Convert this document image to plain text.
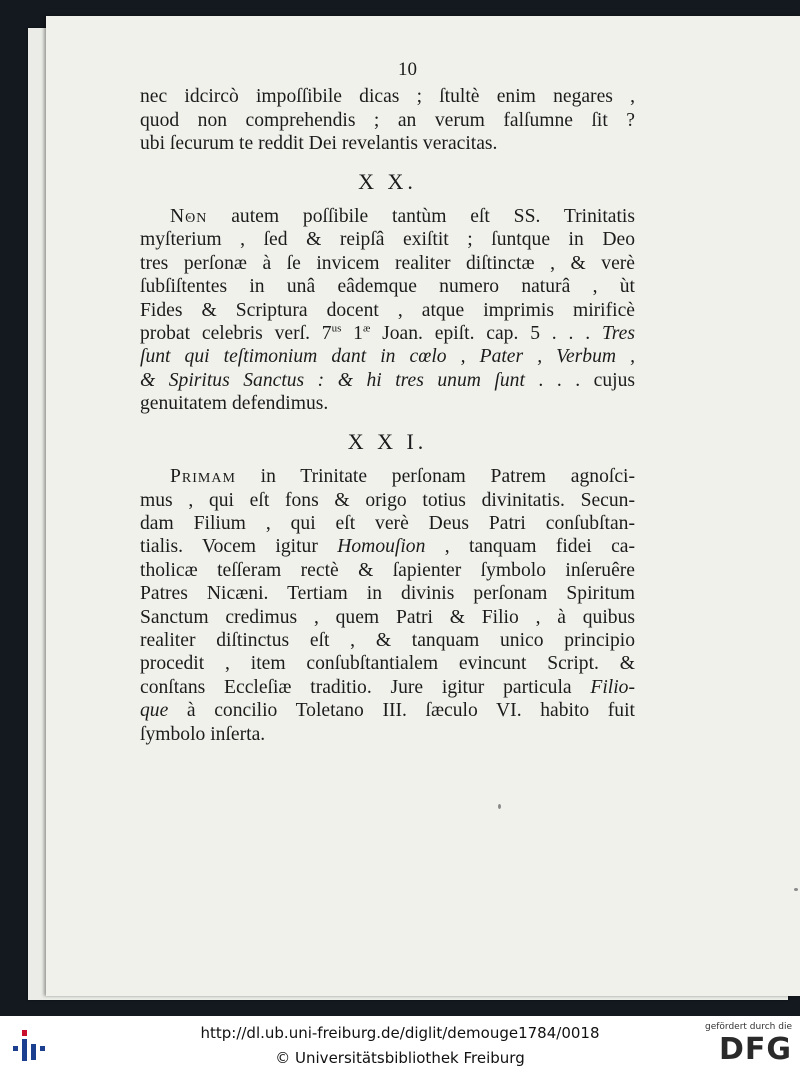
10
nec idcircò impoſſibile dicas ; ſtultè enim negares ,
quod non comprehendis ; an verum falſumne ſit ?
ubi ſecurum te reddit Dei revelantis veracitas.
X X.
Non autem poſſibile tantùm eſt SS. Trinitatis
myſterium , ſed & reipſâ exiſtit ; ſuntque in Deo
tres perſonæ à ſe invicem realiter diſtinctæ , & verè
ſubſiſtentes in unâ eâdemque numero naturâ , ùt
Fides & Scriptura docent , atque imprimis mirificè
probat celebris verſ. $7^{us}$ $1^æ$ Joan. epiſt. cap. 5 . . . Tres
ſunt qui teſtimonium dant in cœlo , Pater , Verbum ,
& Spiritus Sanctus : & hi tres unum ſunt . . . cujus
genuitatem defendimus.
X X I.
Primam in Trinitate perſonam Patrem agnoſci-
mus , qui eſt fons & origo totius divinitatis. Secun-
dam Filium , qui eſt verè Deus Patri conſubſtan-
tialis. Vocem igitur Homouſion , tanquam fidei ca-
tholicæ teſſeram rectè & ſapienter ſymbolo inſeruêre
Patres Nicæni. Tertiam in divinis perſonam Spiritum
Sanctum credimus , quem Patri & Filio , à quibus
realiter diſtinctus eſt , & tanquam unico principio
procedit , item conſubſtantialem evincunt Script. &
conſtans Eccleſiæ traditio. Jure igitur particula Filio-
que à concilio Toletano III. ſæculo VI. habito fuit
ſymbolo inſerta.
http://dl.ub.uni-freiburg.de/diglit/demouge1784/0018
© Universitätsbibliothek Freiburg
gefördert durch die
DFG
